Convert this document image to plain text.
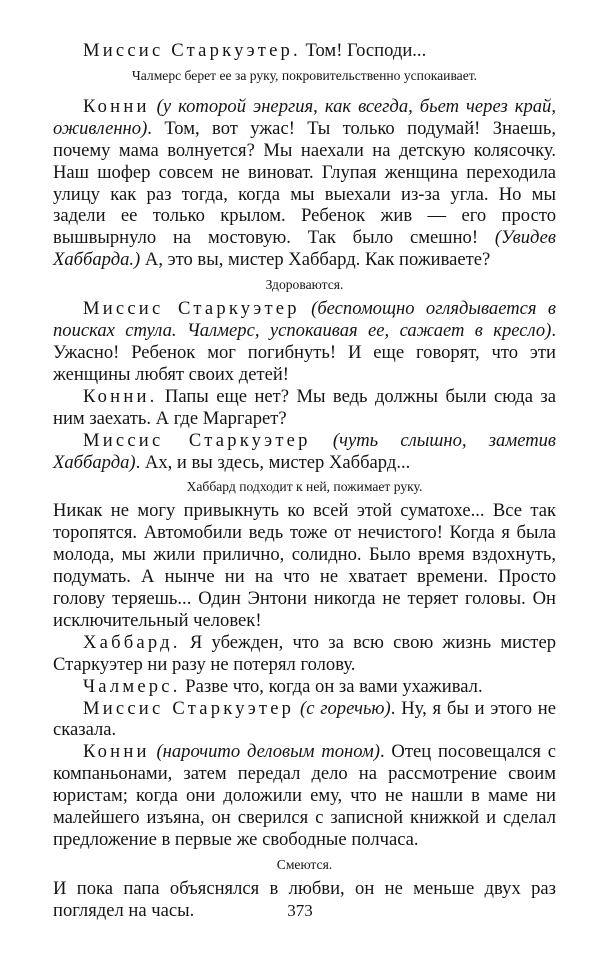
Миссис Старкуэтер. Том! Господи...

Чалмерс берет ее за руку, покровительственно успокаивает.

Конни (у которой энергия, как всегда, бьет через край, оживленно). Том, вот ужас! Ты только подумай! Знаешь, почему мама волнуется? Мы наехали на детскую колясочку. Наш шофер совсем не виноват. Глупая женщина переходила улицу как раз тогда, когда мы выехали из-за угла. Но мы задели ее только крылом. Ребенок жив — его просто вышвырнуло на мостовую. Так было смешно! (Увидев Хаббарда.) А, это вы, мистер Хаббард. Как поживаете?

Здороваются.

Миссис Старкуэтер (беспомощно оглядывается в поисках стула. Чалмерс, успокаивая ее, сажает в кресло). Ужасно! Ребенок мог погибнуть! И еще говорят, что эти женщины любят своих детей!

Конни. Папы еще нет? Мы ведь должны были сюда за ним заехать. А где Маргарет?

Миссис Старкуэтер (чуть слышно, заметив Хаббарда). Ах, и вы здесь, мистер Хаббард...

Хаббард подходит к ней, пожимает руку.

Никак не могу привыкнуть ко всей этой суматохе... Все так торопятся. Автомобили ведь тоже от нечистого! Когда я была молода, мы жили прилично, солидно. Было время вздохнуть, подумать. А нынче ни на что не хватает времени. Просто голову теряешь... Один Энтони никогда не теряет головы. Он исключительный человек!

Хаббард. Я убежден, что за всю свою жизнь мистер Старкуэтер ни разу не потерял голову.

Чалмерс. Разве что, когда он за вами ухаживал.

Миссис Старкуэтер (с горечью). Ну, я бы и этого не сказала.

Конни (нарочито деловым тоном). Отец посовещался с компаньонами, затем передал дело на рассмотрение своим юристам; когда они доложили ему, что не нашли в маме ни малейшего изъяна, он сверился с записной книжкой и сделал предложение в первые же свободные полчаса.

Смеются.

И пока папа объяснялся в любви, он не меньше двух раз поглядел на часы.	373
